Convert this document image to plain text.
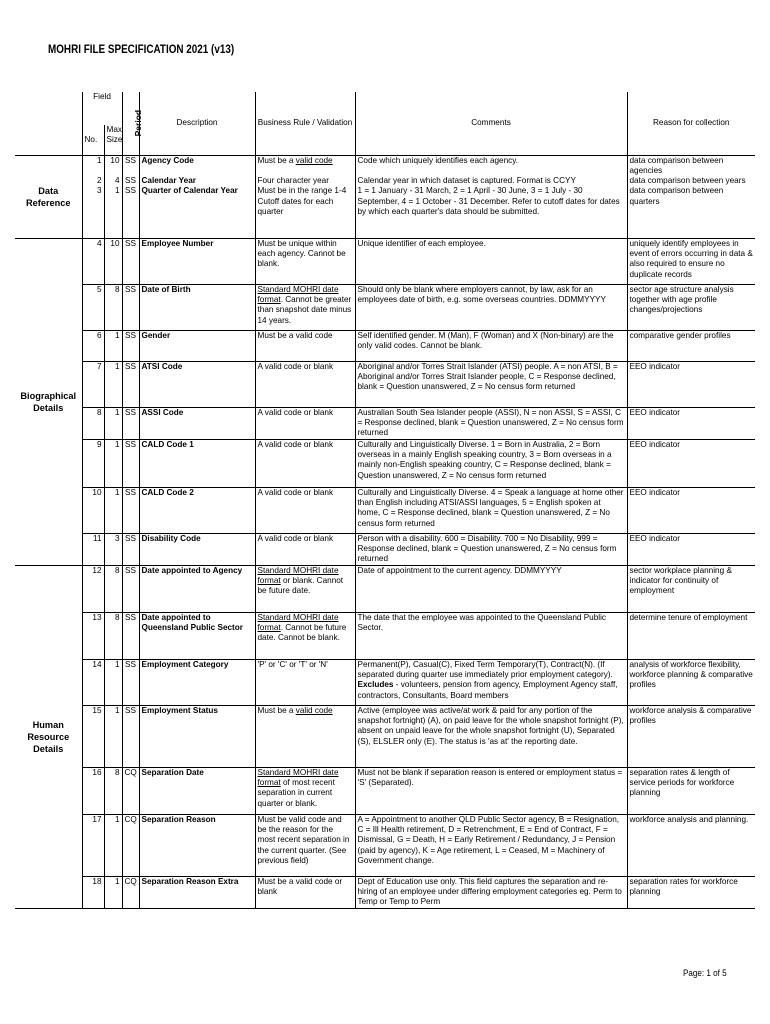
MOHRI FILE SPECIFICATION 2021 (v13)
	Field		Period	Description	Business Rule / Validation	Comments	Reason for collection
	No.	Max Size					
Data Reference	1	10	SS	Agency Code	Must be a valid code	Code which uniquely identifies each agency.	data comparison between agencies
	2	4	SS	Calendar Year	Four character year	Calendar year in which dataset is captured. Format is CCYY	data comparison between years
	3	1	SS	Quarter of Calendar Year	Must be in the range 1-4 Cutoff dates for each quarter	1 = 1 January - 31 March, 2 = 1 April - 30 June, 3 = 1 July - 30 September, 4 = 1 October - 31 December. Refer to cutoff dates for dates by which each quarter's data should be submitted.	data comparison between quarters
Biographical Details	4	10	SS	Employee Number	Must be unique within each agency. Cannot be blank.	Unique identifier of each employee.	uniquely identify employees in event of errors occurring in data & also required to ensure no duplicate records
	5	8	SS	Date of Birth	Standard MOHRI date format. Cannot be greater than snapshot date minus 14 years.	Should only be blank where employers cannot, by law, ask for an employees date of birth, e.g. some overseas countries. DDMMYYYY	sector age structure analysis together with age profile changes/projections
	6	1	SS	Gender	Must be a valid code	Self identified gender. M (Man), F (Woman) and X (Non-binary) are the only valid codes. Cannot be blank.	comparative gender profiles
	7	1	SS	ATSI Code	A valid code or blank	Aboriginal and/or Torres Strait Islander (ATSI) people. A = non ATSI, B = Aboriginal and/or Torres Strait Islander people, C = Response declined, blank = Question unanswered, Z = No census form returned	EEO indicator
	8	1	SS	ASSI Code	A valid code or blank	Australian South Sea Islander people (ASSI), N = non ASSI, S = ASSI, C = Response declined, blank = Question unanswered, Z = No census form returned	EEO indicator
	9	1	SS	CALD Code 1	A valid code or blank	Culturally and Linguistically Diverse. 1 = Born in Australia, 2 = Born overseas in a mainly English speaking country, 3 = Born overseas in a mainly non-English speaking country, C = Response declined, blank = Question unanswered, Z = No census form returned	EEO indicator
	10	1	SS	CALD Code 2	A valid code or blank	Culturally and Linguistically Diverse. 4 = Speak a language at home other than English including ATSI/ASSI languages, 5 = English spoken at home, C = Response declined, blank = Question unanswered, Z = No census form returned	EEO indicator
	11	3	SS	Disability Code	A valid code or blank	Person with a disability. 600 = Disability. 700 = No Disability, 999 = Response declined, blank = Question unanswered, Z = No census form returned	EEO indicator
Human Resource Details	12	8	SS	Date appointed to Agency	Standard MOHRI date format or blank. Cannot be future date.	Date of appointment to the current agency. DDMMYYYY	sector workplace planning & indicator for continuity of employment
	13	8	SS	Date appointed to Queensland Public Sector	Standard MOHRI date format. Cannot be future date. Cannot be blank.	The date that the employee was appointed to the Queensland Public Sector.	determine tenure of employment
	14	1	SS	Employment Category	'P' or 'C' or 'T' or 'N'	Permanent(P), Casual(C), Fixed Term Temporary(T), Contract(N). (If separated during quarter use immediately prior employment category). Excludes - volunteers, pension from agency, Employment Agency staff, contractors, Consultants, Board members	analysis of workforce flexibility, workforce planning & comparative profiles
	15	1	SS	Employment Status	Must be a valid code	Active (employee was active/at work & paid for any portion of the snapshot fortnight) (A), on paid leave for the whole snapshot fortnight (P), absent on unpaid leave for the whole snapshot fortnight (U), Separated (S), ELSLER only (E). The status is 'as at' the reporting date.	workforce analysis & comparative profiles
	16	8	CQ	Separation Date	Standard MOHRI date format of most recent separation in current quarter or blank.	Must not be blank if separation reason is entered or employment status = 'S' (Separated).	separation rates & length of service periods for workforce planning
	17	1	CQ	Separation Reason	Must be valid code and be the reason for the most recent separation in the current quarter. (See previous field)	A = Appointment to another QLD Public Sector agency, B = Resignation, C = Ill Health retirement, D = Retrenchment, E = End of Contract, F = Dismissal, G = Death, H = Early Retirement / Redundancy, J = Pension (paid by agency), K = Age retirement, L = Ceased, M = Machinery of Government change.	workforce analysis and planning.
	18	1	CQ	Separation Reason Extra	Must be a valid code or blank	Dept of Education use only. This field captures the separation and re-hiring of an employee under differing employment categories eg. Perm to Temp or Temp to Perm	separation rates for workforce planning
Page: 1 of 5
